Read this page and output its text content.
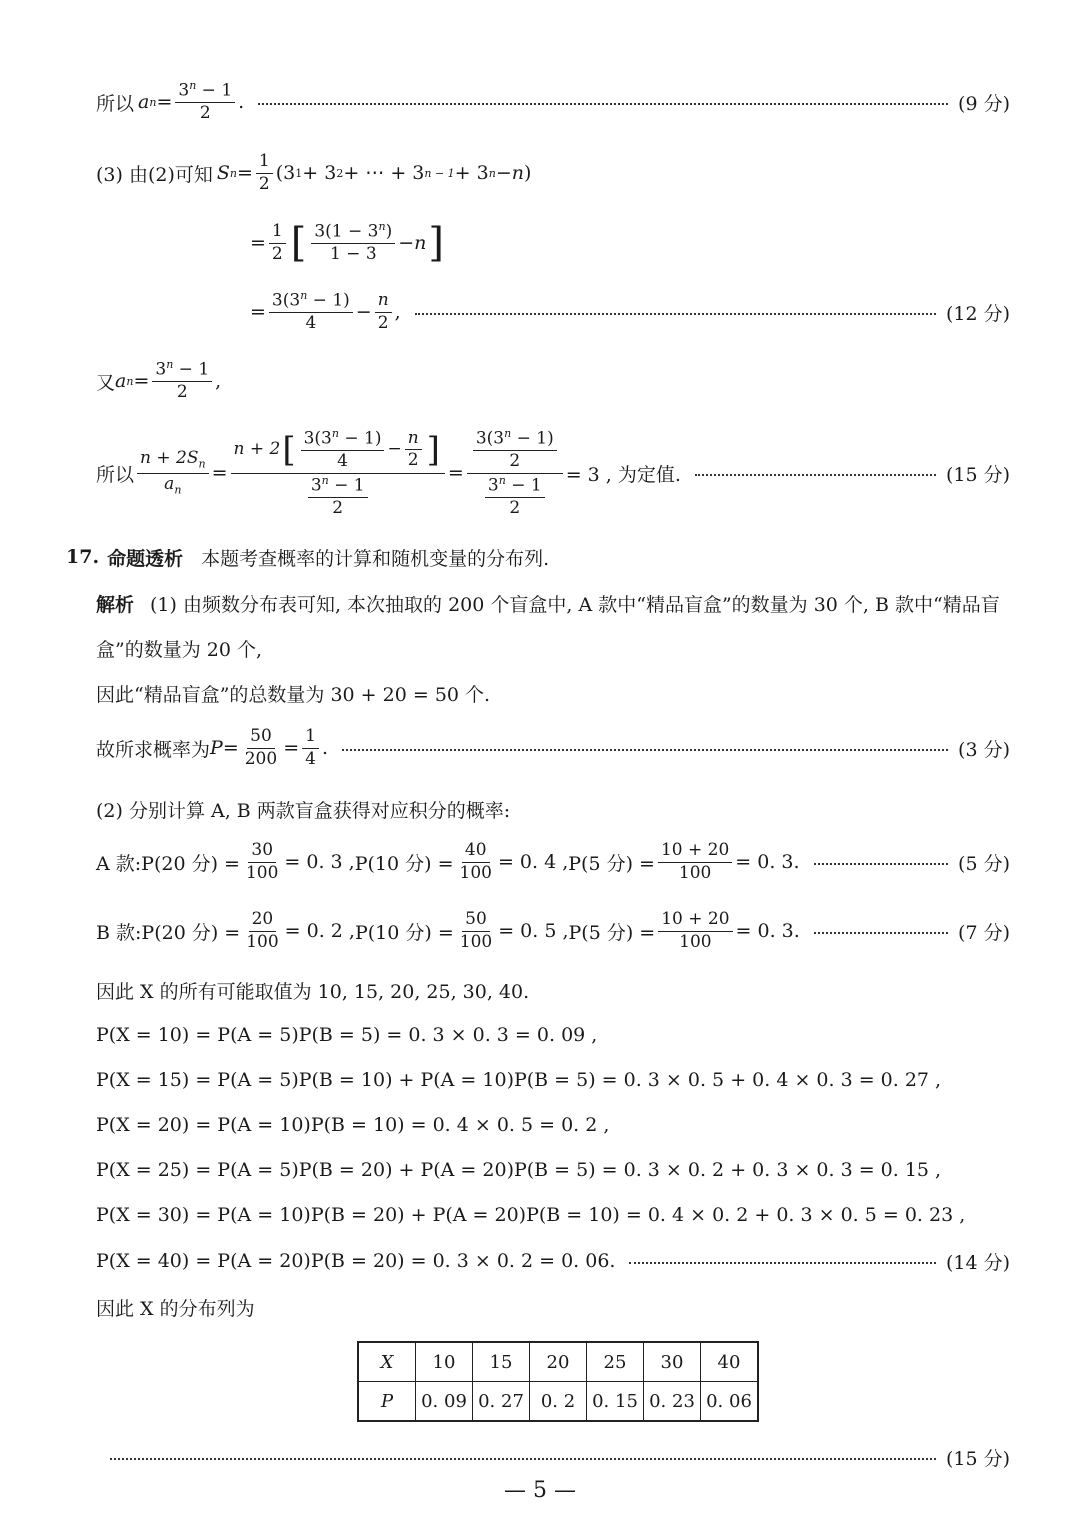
所以 a $n = \frac{3^n - 1}{2}$ .	(9 分)
(3) 由(2)可知 S $n = \frac{1}{2} (3$ 1 + 3 2 + ⋯ + 3 n − 1 + 3 n − n )
= $\frac{1}{2}$ [ $\frac{3(1 - 3^n)}{1 - 3} - n$ ]
= $\frac{3(3^n - 1)}{4} - \frac{n}{2}$ ,	(12 分)
又 a $n = \frac{3^n - 1}{2}$ ,
所以 $\frac{n + 2S_n}{a_n}$ =
n + 2 [ $\frac{3(3^n - 1)}{4} - \frac{n}{2}$ ]
$\frac{3^n - 1}{2}$
= $\frac{\frac{3(3^n - 1)}{2}}{\frac{3^n - 1}{2}} = 3$ , 为定值.	(15 分)
17. 命题透析 本题考查概率的计算和随机变量的分布列.
解析 (1) 由频数分布表可知, 本次抽取的 200 个盲盒中, A 款中“精品盲盒”的数量为 30 个, B 款中“精品盲
盒”的数量为 20 个,
因此“精品盲盒”的总数量为 30 + 20 = 50 个.
故所求概率为 $P = \frac{50}{200} = \frac{1}{4}$ .	(3 分)
(2) 分别计算 A, B 两款盲盒获得对应积分的概率:
A 款: P(20 分) = $\frac{30}{100} = 0$. 3 , P(10 分) = $\frac{40}{100} = 0$. 4 , P(5 分) = $\frac{10 + 20}{100} = 0$. 3.	(5 分)
B 款: P(20 分) = $\frac{20}{100} = 0$. 2 , P(10 分) = $\frac{50}{100} = 0$. 5 , P(5 分) = $\frac{10 + 20}{100} = 0$. 3.	(7 分)
因此 X 的所有可能取值为 10, 15, 20, 25, 30, 40.
P(X = 10) = P(A = 5)P(B = 5) = 0. 3 × 0. 3 = 0. 09 ,
P(X = 15) = P(A = 5)P(B = 10) + P(A = 10)P(B = 5) = 0. 3 × 0. 5 + 0. 4 × 0. 3 = 0. 27 ,
P(X = 20) = P(A = 10)P(B = 10) = 0. 4 × 0. 5 = 0. 2 ,
P(X = 25) = P(A = 5)P(B = 20) + P(A = 20)P(B = 5) = 0. 3 × 0. 2 + 0. 3 × 0. 3 = 0. 15 ,
P(X = 30) = P(A = 10)P(B = 20) + P(A = 20)P(B = 10) = 0. 4 × 0. 2 + 0. 3 × 0. 5 = 0. 23 ,
P(X = 40) = P(A = 20)P(B = 20) = 0. 3 × 0. 2 = 0. 06.	(14 分)
因此 X 的分布列为
X	10	15	20	25	30	40
P	0. 09	0. 27	0. 2	0. 15	0. 23	0. 06
(15 分)
— 5 —
